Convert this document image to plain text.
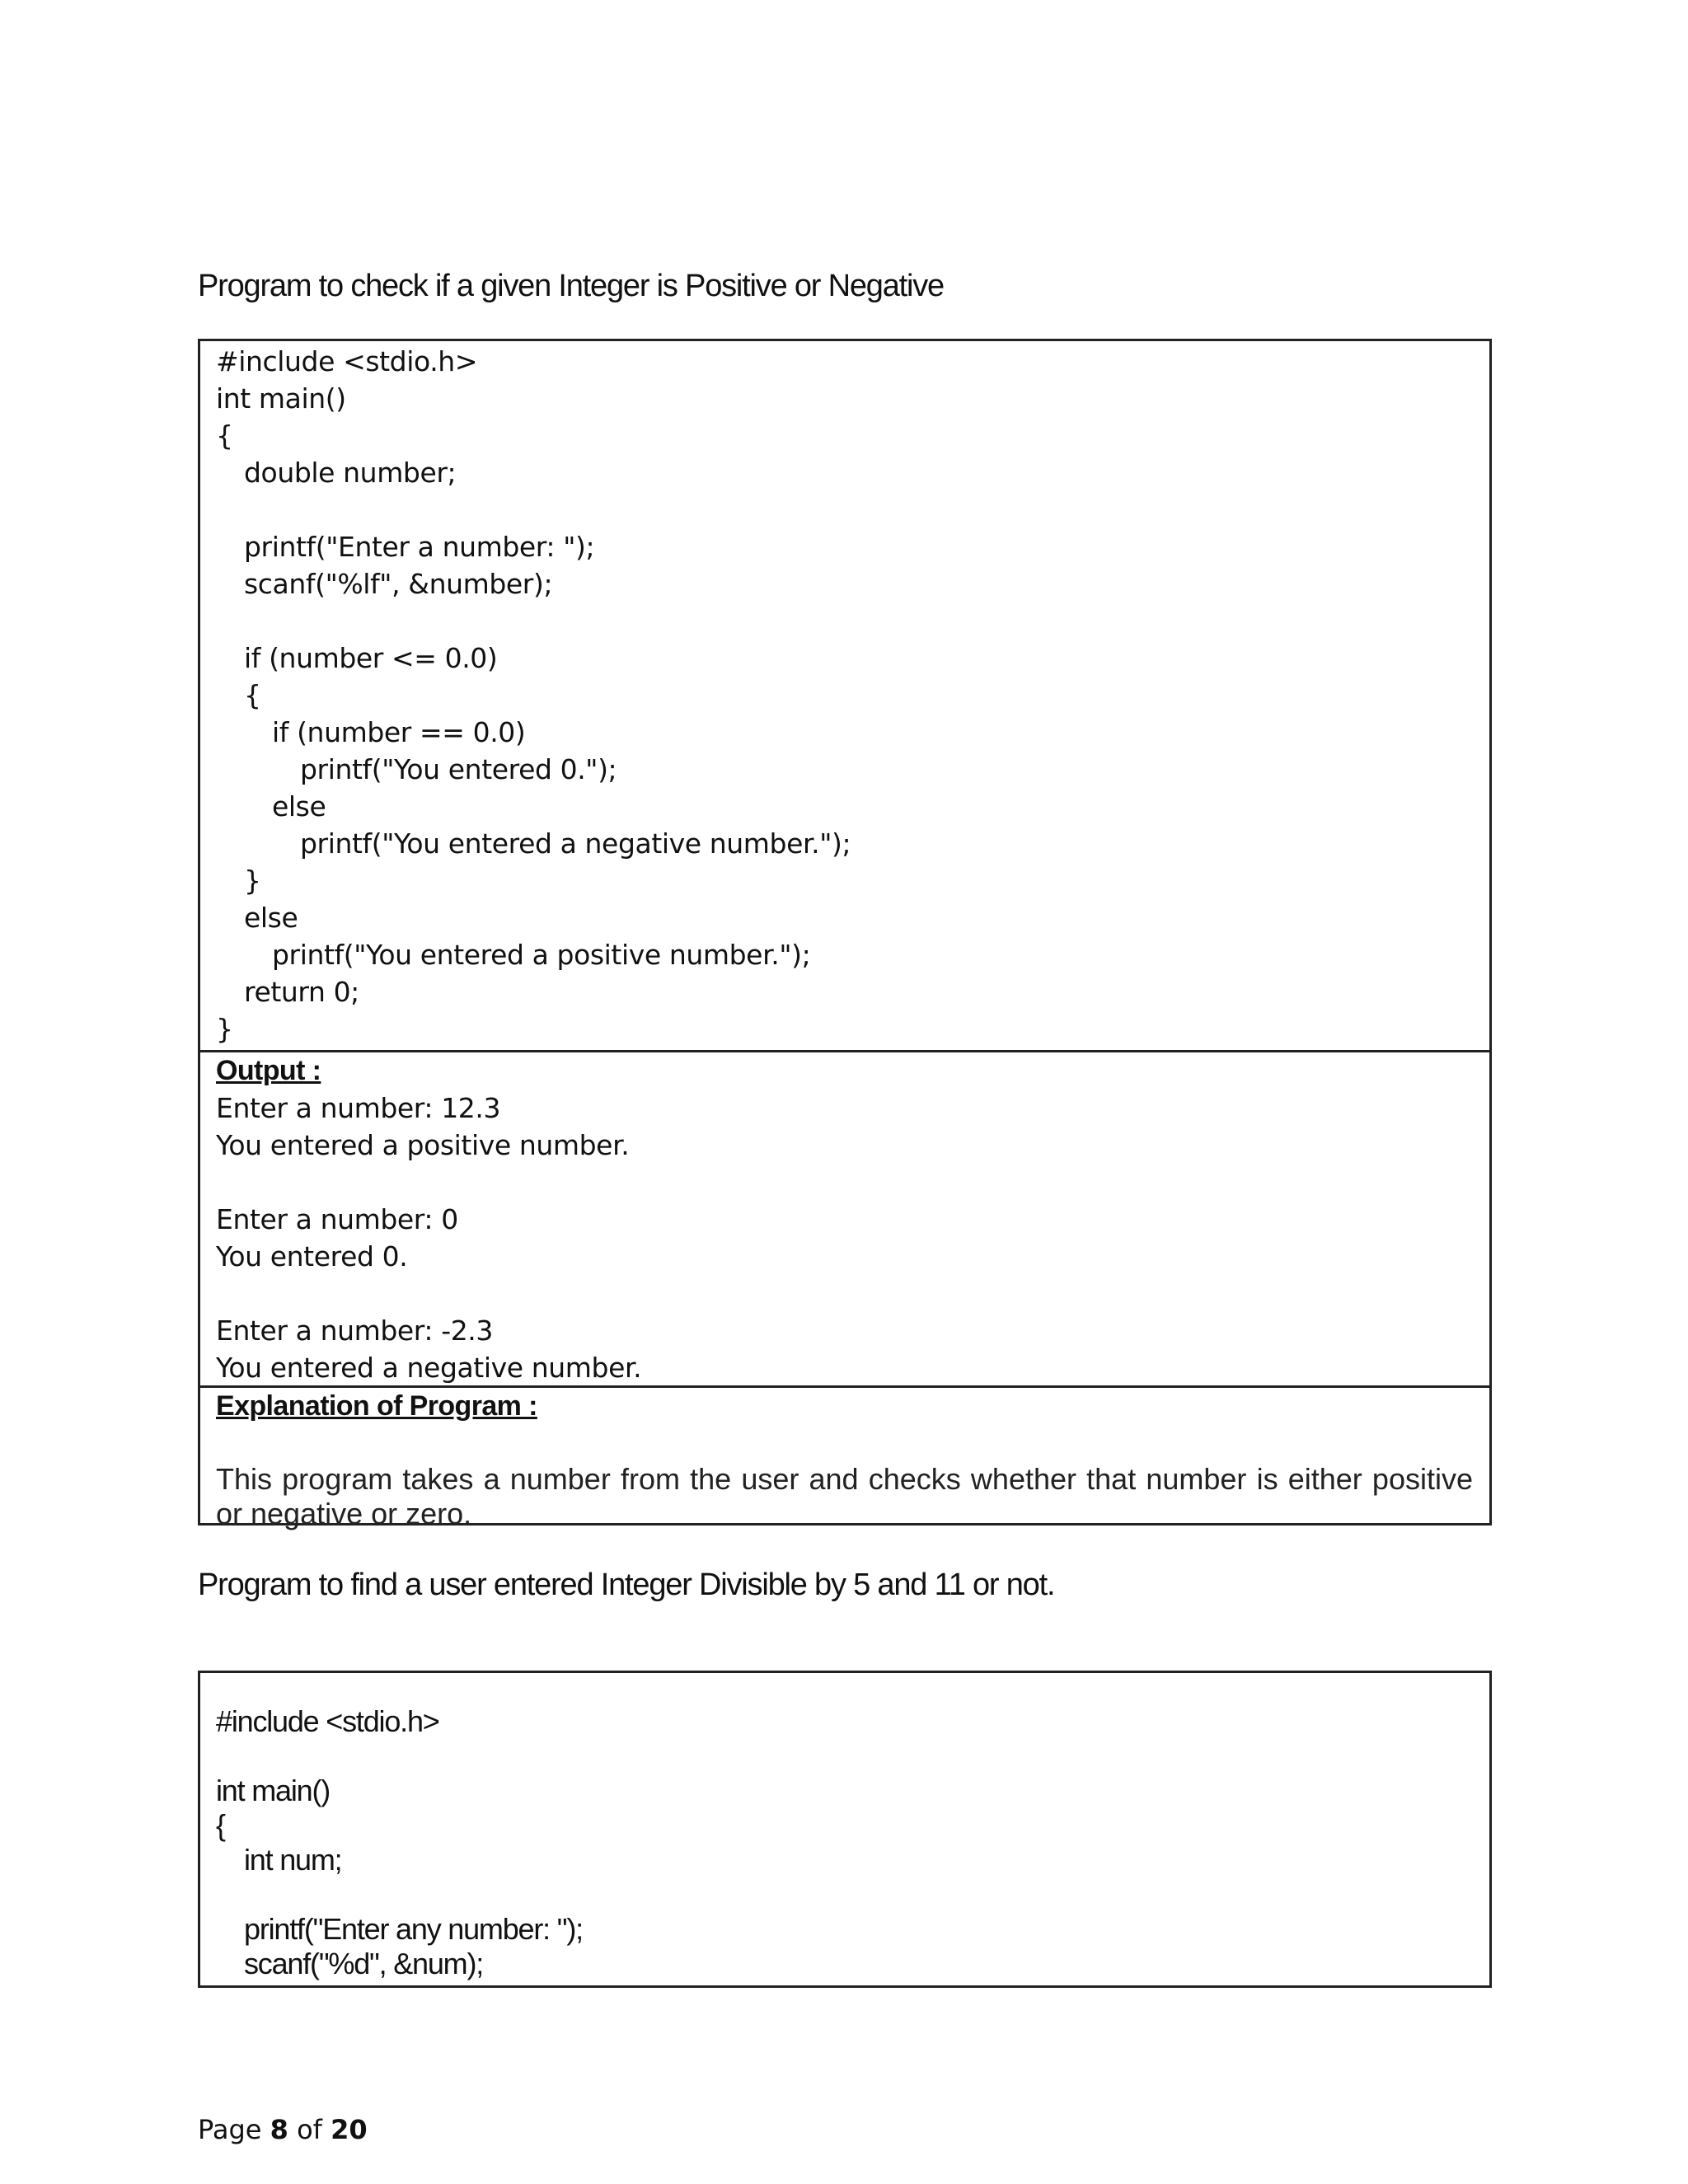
Program to check if a given Integer is Positive or Negative
#include <stdio.h>
int main()
{
double number;
printf("Enter a number: ");
scanf("%lf", &number);
if (number <= 0.0)
{
if (number == 0.0)
printf("You entered 0.");
else
printf("You entered a negative number.");
}
else
printf("You entered a positive number.");
return 0;
}
Output :
Enter a number: 12.3
You entered a positive number.
Enter a number: 0
You entered 0.
Enter a number: -2.3
You entered a negative number.
Explanation of Program :
This program takes a number from the user and checks whether that number is either positive or negative or zero.
Program to find a user entered Integer Divisible by 5 and 11 or not.
#include <stdio.h>
int main()
{
int num;
printf("Enter any number: ");
scanf("%d", &num);
Page 8 of 20
